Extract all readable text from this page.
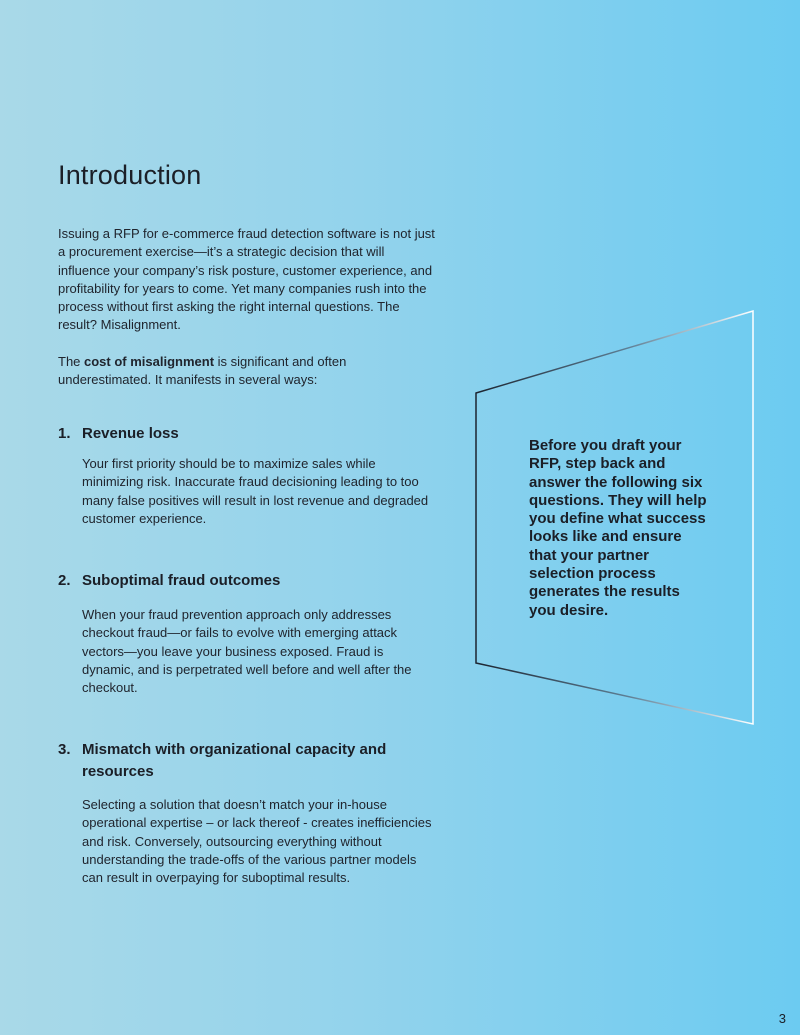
Introduction

Issuing a RFP for e-commerce fraud detection software is not just a procurement exercise—it’s a strategic decision that will influence your company’s risk posture, customer experience, and profitability for years to come. Yet many companies rush into the process without first asking the right internal questions. The result? Misalignment.

The cost of misalignment is significant and often underestimated. It manifests in several ways:

1. Revenue loss

Your first priority should be to maximize sales while minimizing risk. Inaccurate fraud decisioning leading to too many false positives will result in lost revenue and degraded customer experience.

2. Suboptimal fraud outcomes

When your fraud prevention approach only addresses checkout fraud—or fails to evolve with emerging attack vectors—you leave your business exposed. Fraud is dynamic, and is perpetrated well before and well after the checkout.

3. Mismatch with organizational capacity and resources

Selecting a solution that doesn’t match your in-house operational expertise – or lack thereof - creates inefficiencies and risk. Conversely, outsourcing everything without understanding the trade-offs of the various partner models can result in overpaying for suboptimal results.

Before you draft your RFP, step back and answer the following six questions. They will help you define what success looks like and ensure that your partner selection process generates the results you desire.

3
